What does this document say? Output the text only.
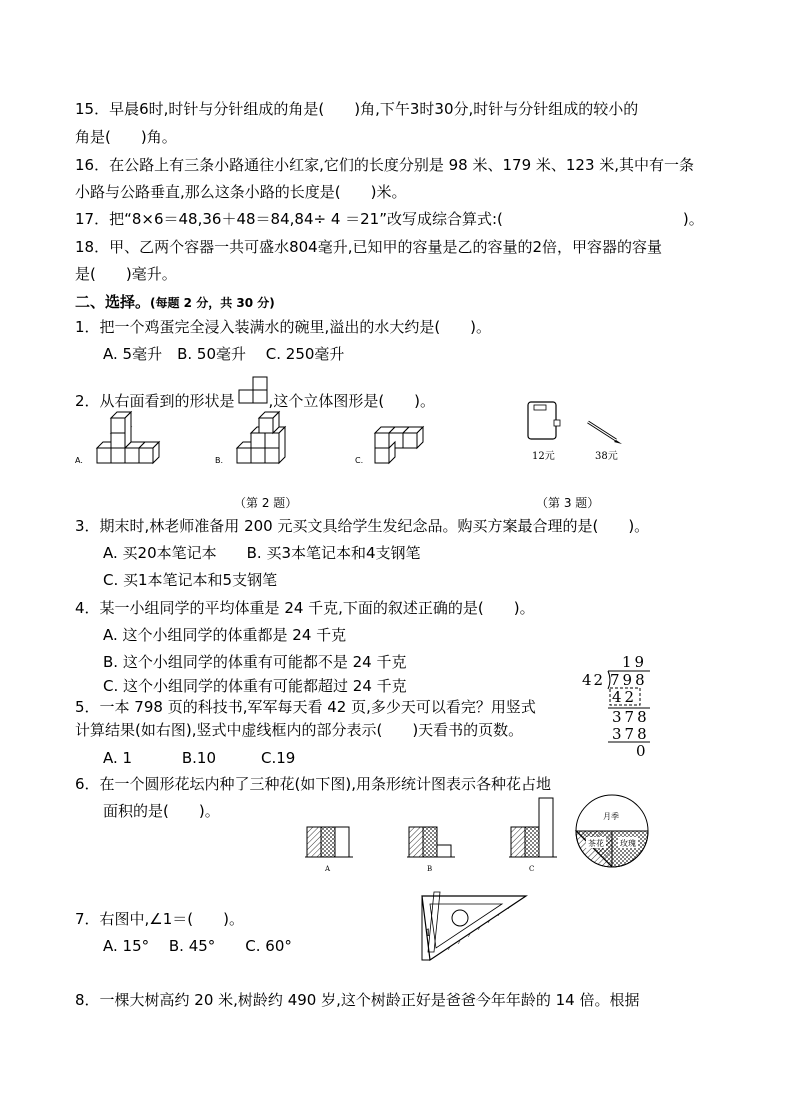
15．早晨6时,时针与分针组成的角是(　　)角,下午3时30分,时针与分针组成的较小的
角是(　　)角。
16．在公路上有三条小路通往小红家,它们的长度分别是 98 米、179 米、123 米,其中有一条
小路与公路垂直,那么这条小路的长度是(　　)米。
17．把“8×6＝48,36＋48＝84,84÷ 4 ＝21”改写成综合算式:(　　　　　　　　　　　　)。
18．甲、乙两个容器一共可盛水804毫升,已知甲的容量是乙的容量的2倍，甲容器的容量
是(　　)毫升。
二、选择。(每题 2 分，共 30 分)
1．把一个鸡蛋完全浸入装满水的碗里,溢出的水大约是(　　)。
A. 5毫升　B. 50毫升　 C. 250毫升
2．从右面看到的形状是 ,这个立体图形是(　　)。
A.	B.	C.	12元	38元
（第 2 题）	（第 3 题）
3．期末时,林老师准备用 200 元买文具给学生发纪念品。购买方案最合理的是(　　)。
A. 买20本笔记本　　B. 买3本笔记本和4支钢笔
C. 买1本笔记本和5支钢笔
4．某一小组同学的平均体重是 24 千克,下面的叙述正确的是(　　)。
A. 这个小组同学的体重都是 24 千克
B. 这个小组同学的体重有可能都不是 24 千克
C. 这个小组同学的体重有可能都超过 24 千克
5．一本 798 页的科技书,军军每天看 42 页,多少天可以看完？用竖式
计算结果(如右图),竖式中虚线框内的部分表示(　　)天看书的页数。
A. 1　　　 B.10　　　C.19
19
42 798
42
378
378
0
6．在一个圆形花坛内种了三种花(如下图),用条形统计图表示各种花占地
面积的是(　　)。
A	B	C
月季
茶花 玫瑰
7．右图中,∠1＝(　　)。
A. 15°　 B. 45°　　C. 60°
1
8．一棵大树高约 20 米,树龄约 490 岁,这个树龄正好是爸爸今年年龄的 14 倍。根据
